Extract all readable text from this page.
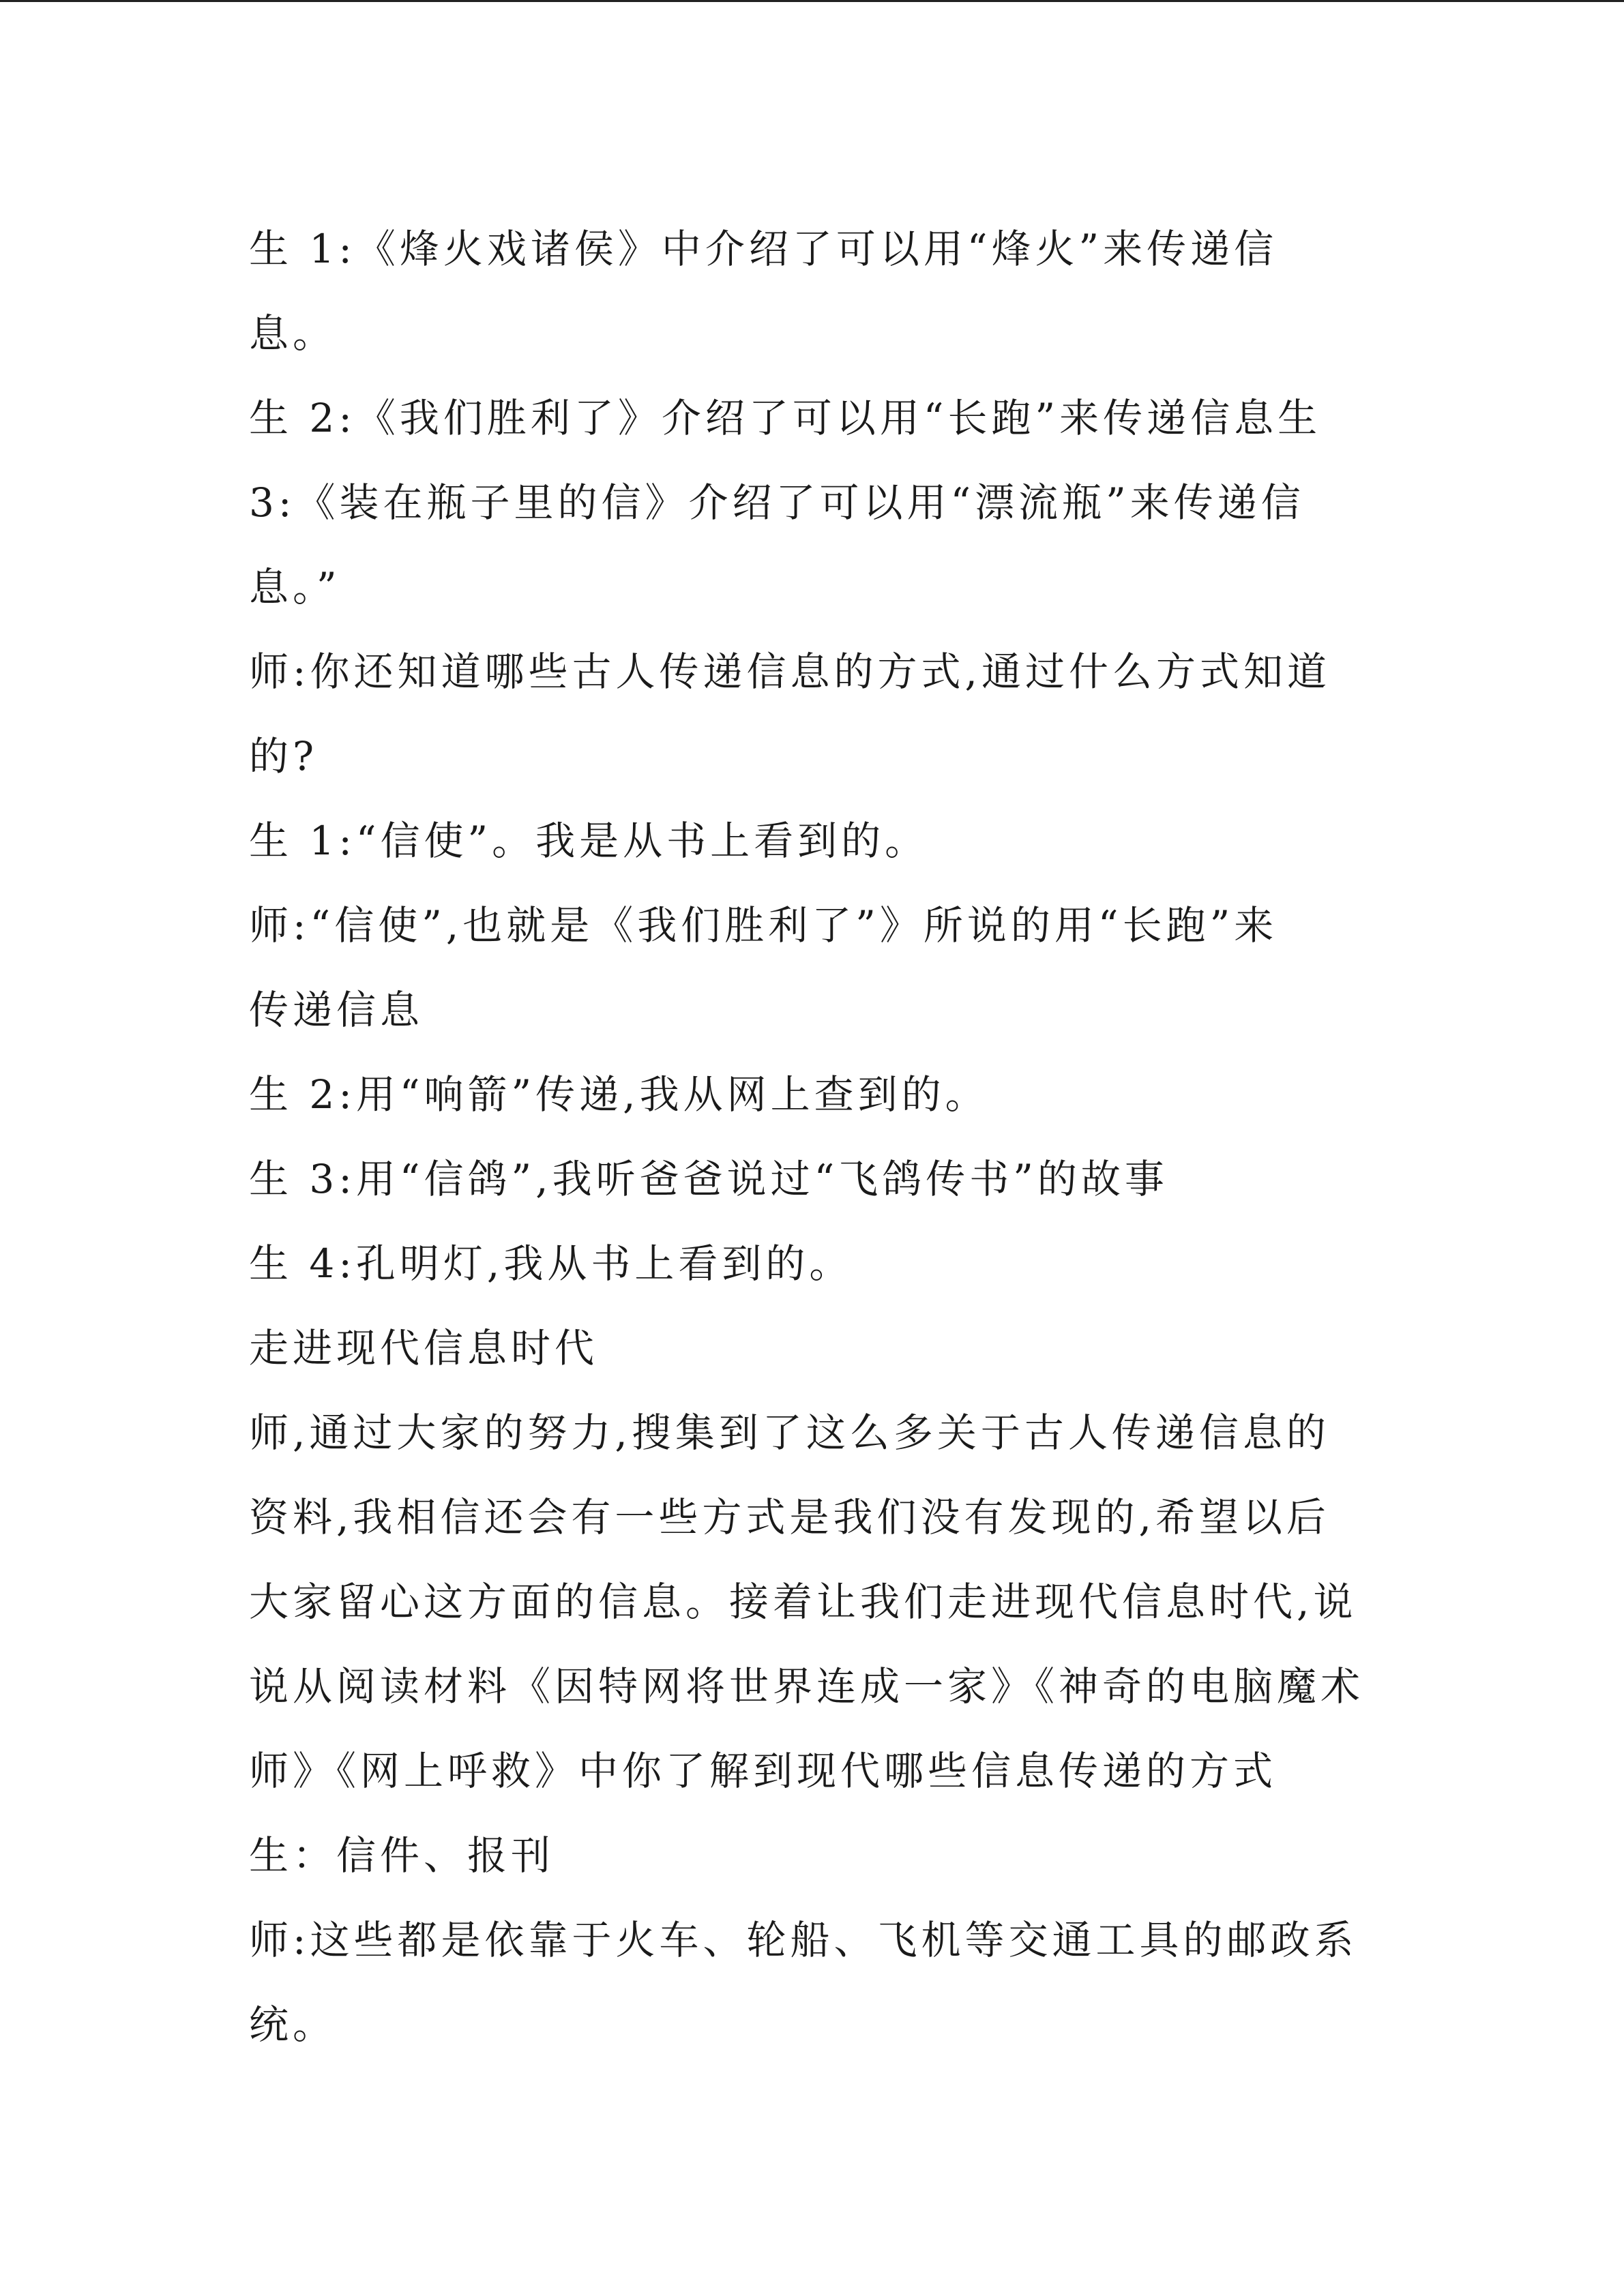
生 1:《烽火戏诸侯》中介绍了可以用“烽火”来传递信

息。

生 2:《我们胜利了》介绍了可以用“长跑”来传递信息生

3:《装在瓶子里的信》介绍了可以用“漂流瓶”来传递信

息。”

师:你还知道哪些古人传递信息的方式,通过什么方式知道

的?

生 1:“信使”。我是从书上看到的。

师:“信使”,也就是《我们胜利了”》所说的用“长跑”来

传递信息

生 2:用“响箭”传递,我从网上查到的。

生 3:用“信鸽”,我听爸爸说过“飞鸽传书”的故事

生 4:孔明灯,我从书上看到的。

走进现代信息时代

师,通过大家的努力,搜集到了这么多关于古人传递信息的

资料,我相信还会有一些方式是我们没有发现的,希望以后

大家留心这方面的信息。接着让我们走进现代信息时代,说

说从阅读材料《因特网将世界连成一家》《神奇的电脑魔术

师》《网上呼救》中你了解到现代哪些信息传递的方式

生：信件、报刊

师:这些都是依靠于火车、轮船、飞机等交通工具的邮政系

统。
